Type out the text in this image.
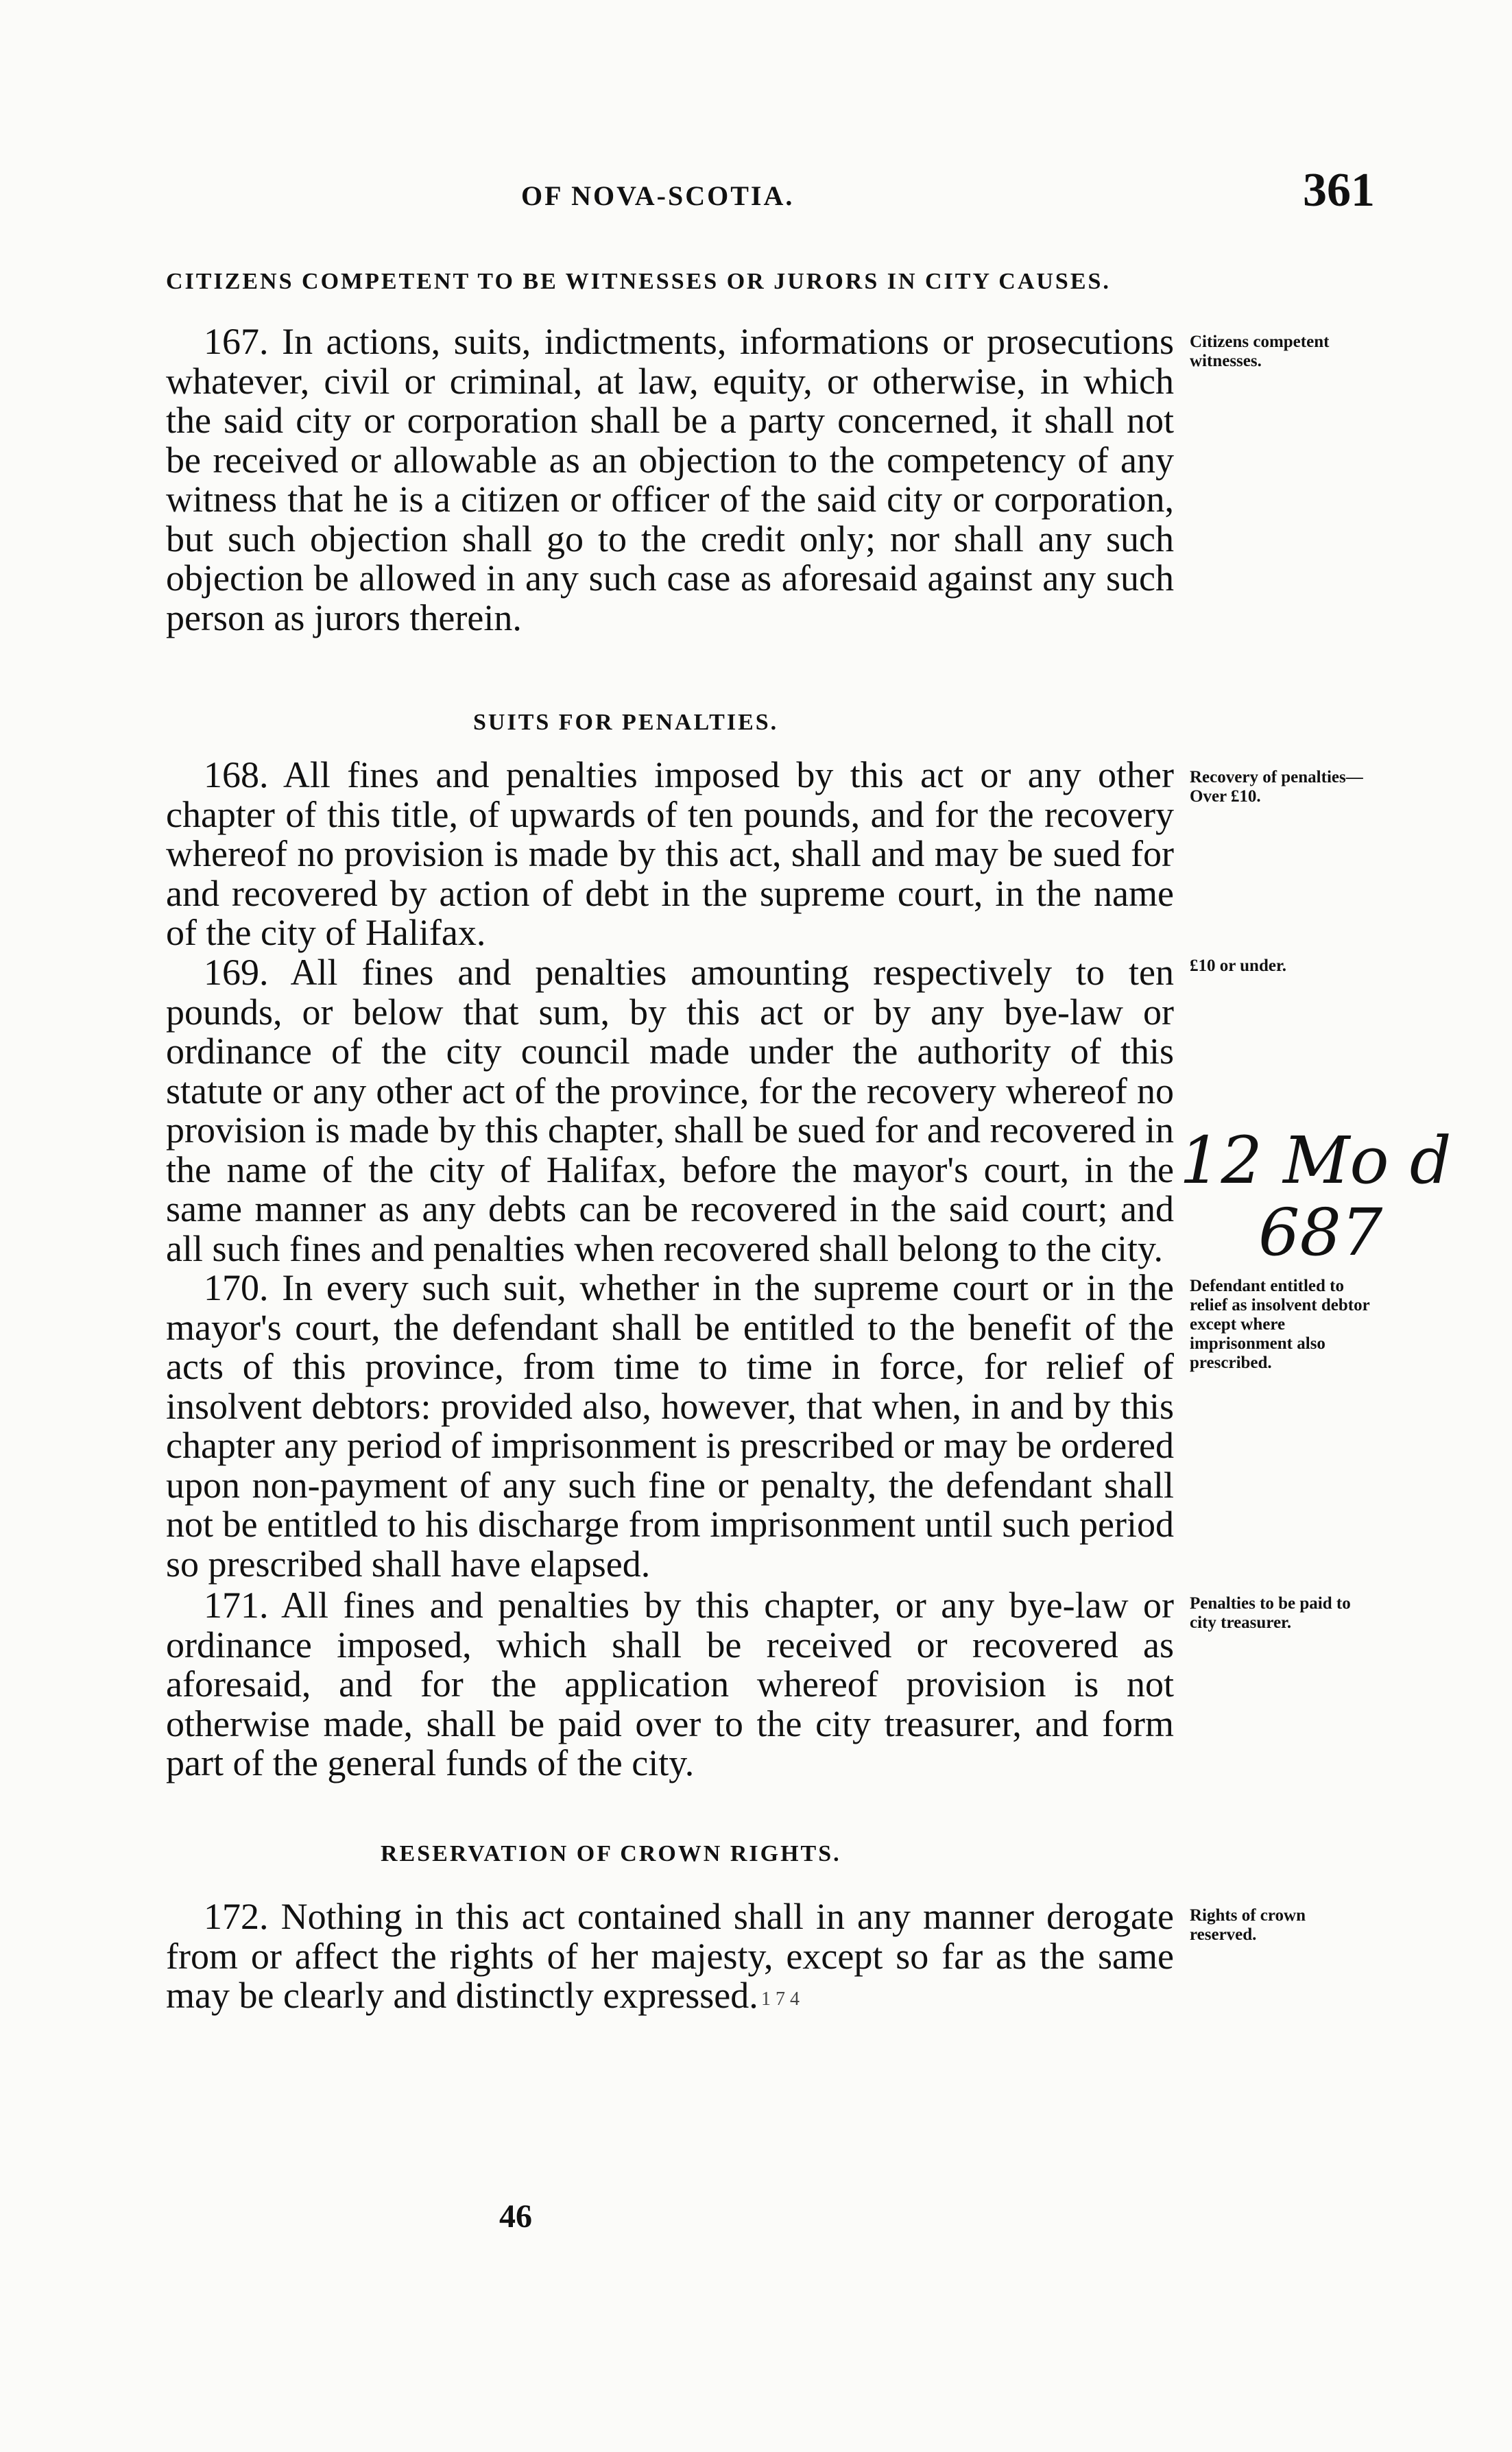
OF NOVA-SCOTIA.	361
CITIZENS COMPETENT TO BE WITNESSES OR JURORS IN CITY CAUSES.

167. In actions, suits, indictments, informations or prosecutions whatever, civil or criminal, at law, equity, or otherwise, in which the said city or corporation shall be a party concerned, it shall not be received or allowable as an objection to the competency of any witness that he is a citizen or officer of the said city or corporation, but such objection shall go to the credit only; nor shall any such objection be allowed in any such case as aforesaid against any such person as jurors therein.

Citizens competent witnesses.

SUITS FOR PENALTIES.

168. All fines and penalties imposed by this act or any other chapter of this title, of upwards of ten pounds, and for the recovery whereof no provision is made by this act, shall and may be sued for and recovered by action of debt in the supreme court, in the name of the city of Halifax.

Recovery of penalties— Over £10.

169. All fines and penalties amounting respectively to ten pounds, or below that sum, by this act or by any bye-law or ordinance of the city council made under the authority of this statute or any other act of the province, for the recovery whereof no provision is made by this chapter, shall be sued for and recovered in the name of the city of Halifax, before the mayor's court, in the same manner as any debts can be recovered in the said court; and all such fines and penalties when recovered shall belong to the city.

£10 or under.

12 Mo d
687

170. In every such suit, whether in the supreme court or in the mayor's court, the defendant shall be entitled to the benefit of the acts of this province, from time to time in force, for relief of insolvent debtors: provided also, however, that when, in and by this chapter any period of imprisonment is prescribed or may be ordered upon non-payment of any such fine or penalty, the defendant shall not be entitled to his discharge from imprisonment until such period so prescribed shall have elapsed.

Defendant entitled to relief as insolvent debtor except where imprisonment also prescribed.

171. All fines and penalties by this chapter, or any bye-law or ordinance imposed, which shall be received or recovered as aforesaid, and for the application whereof provision is not otherwise made, shall be paid over to the city treasurer, and form part of the general funds of the city.

Penalties to be paid to city treasurer.

RESERVATION OF CROWN RIGHTS.

172. Nothing in this act contained shall in any manner derogate from or affect the rights of her majesty, except so far as the same may be clearly and distinctly expressed.

Rights of crown reserved.

1 7 4
46
